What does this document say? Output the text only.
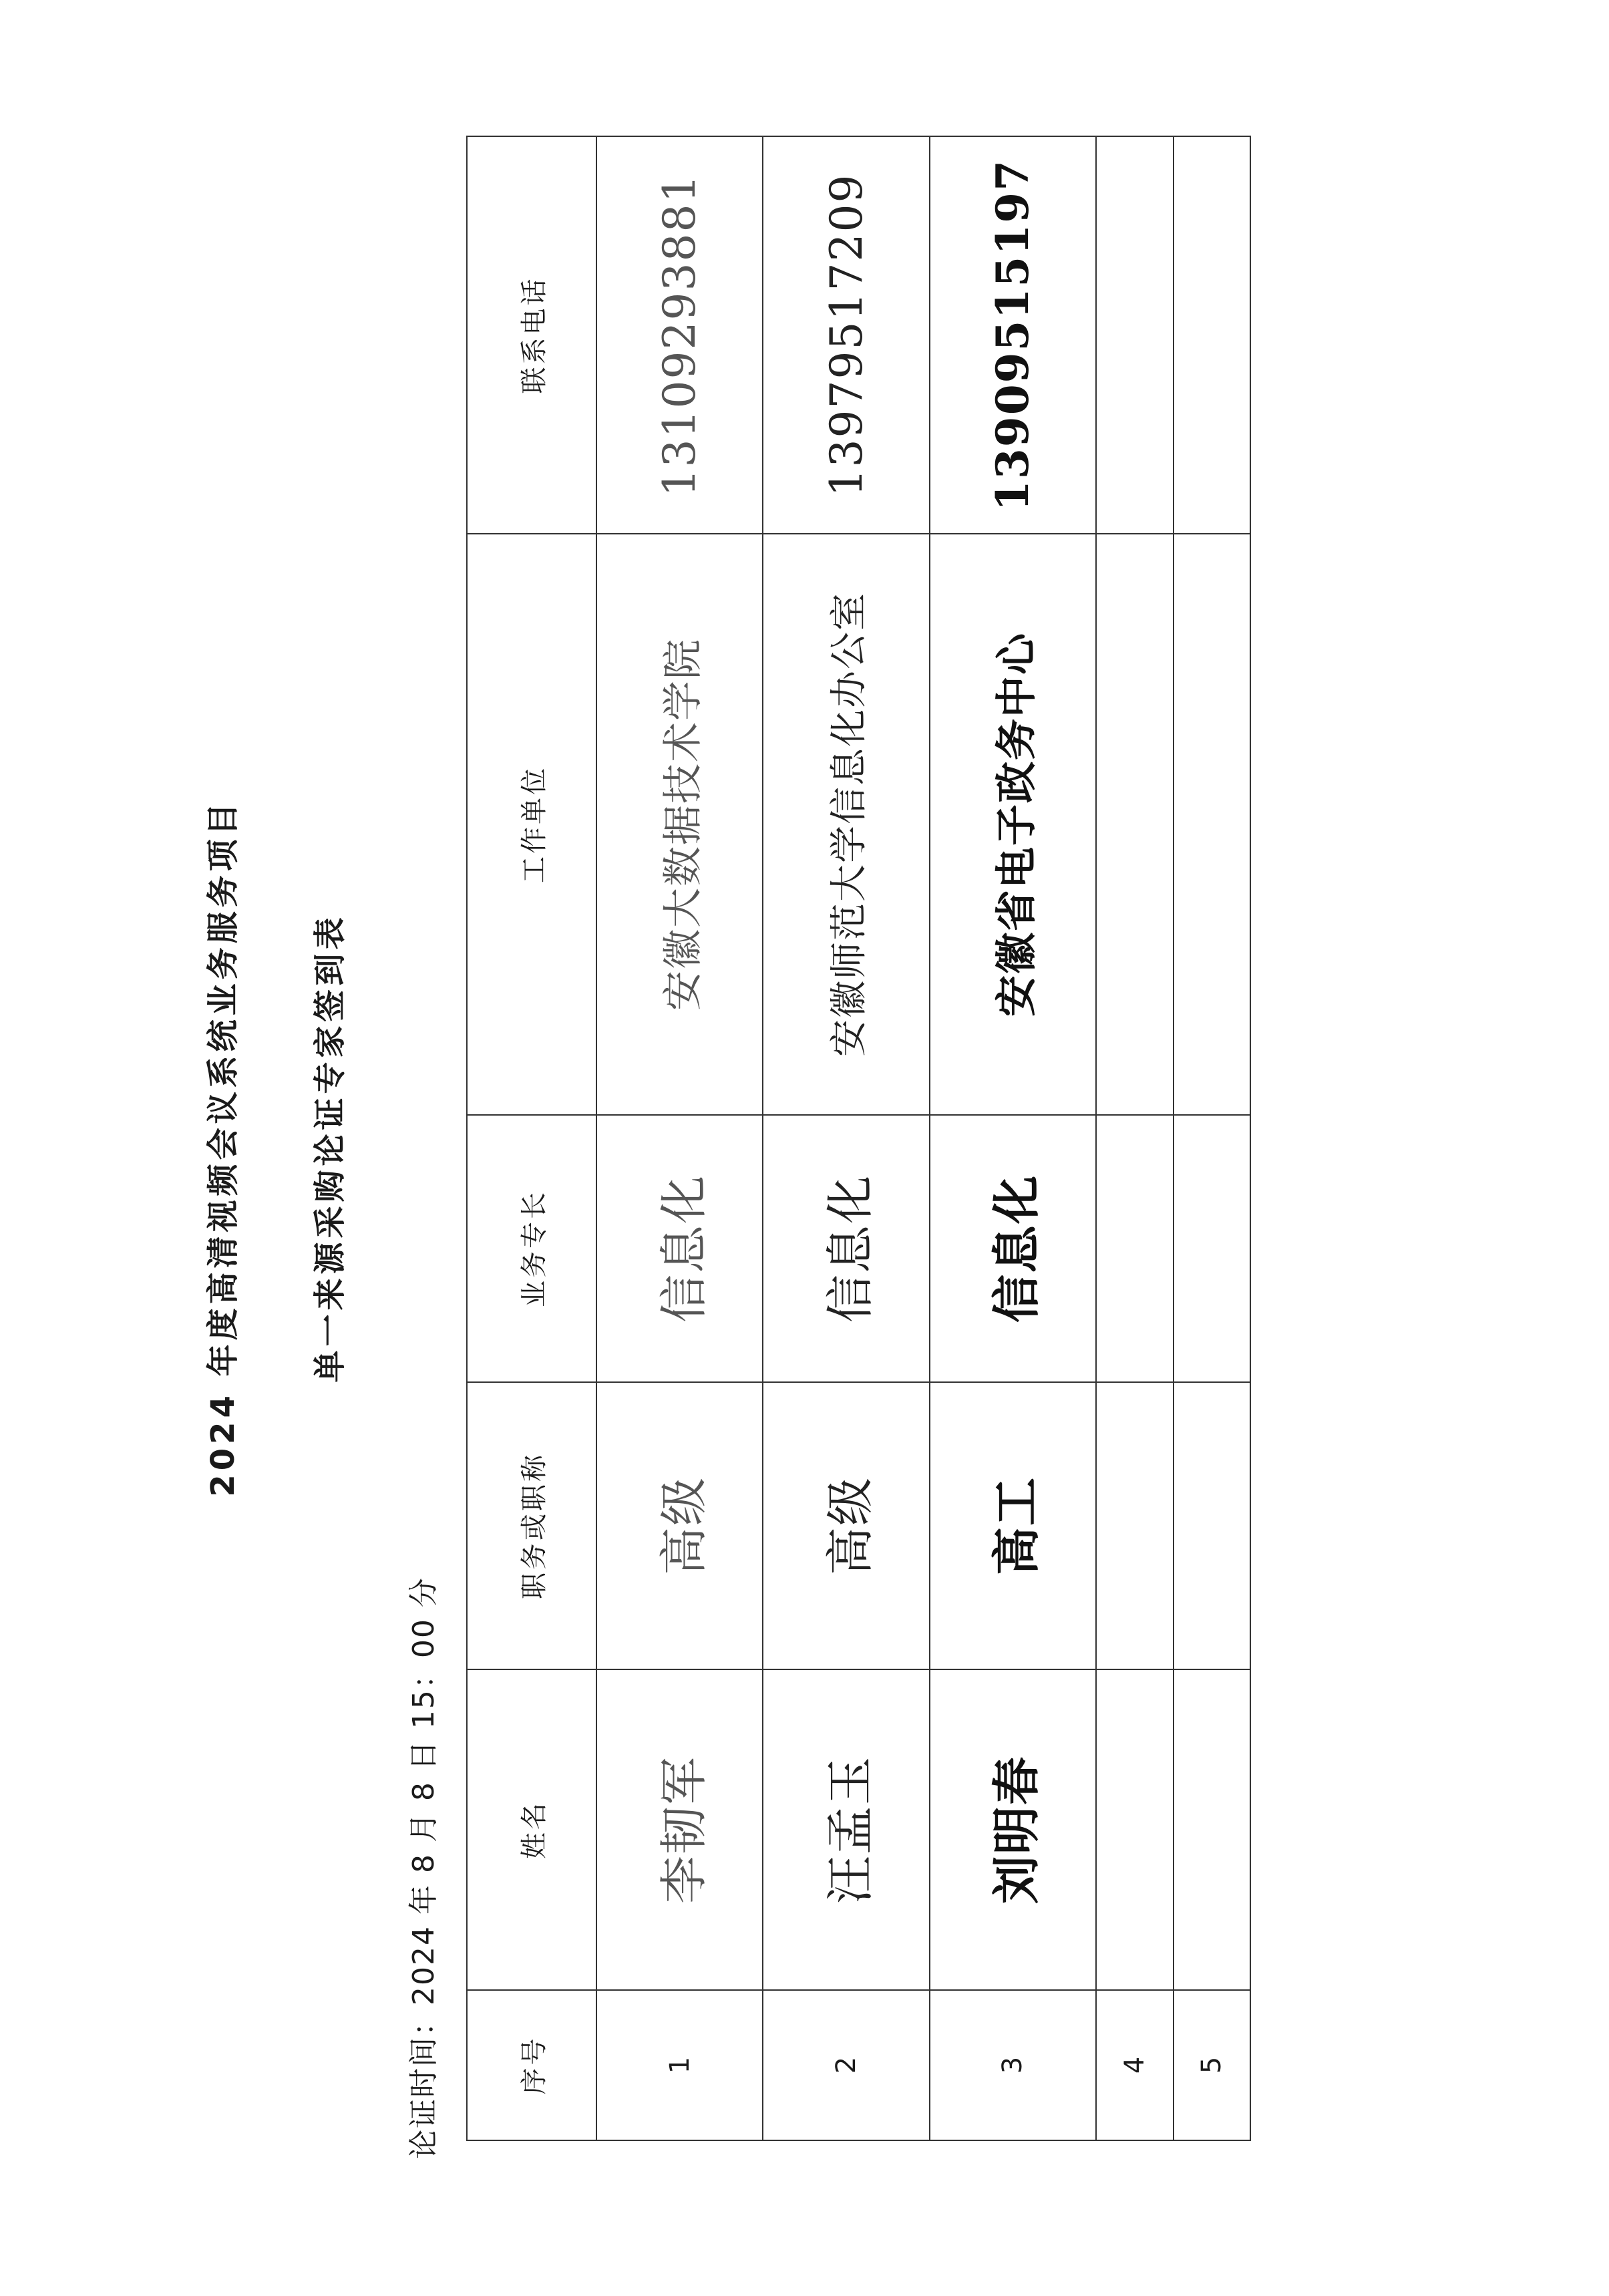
2024 年度高清视频会议系统业务服务项目 单一来源采购论证专家签到表
论证时间：2024 年 8 月 8 日 15：00 分	序号	姓名	职务或职称	业务专长	工作单位	联系电话
1	李韧军	高级	信息化	安徽大数据技术学院	13109293881
2	汪孟玉	高级	信息化	安徽师范大学信息化办公室	13979517209
3	刘明春	高工	信息化	安徽省电子政务中心	13909515197
4					
5					
